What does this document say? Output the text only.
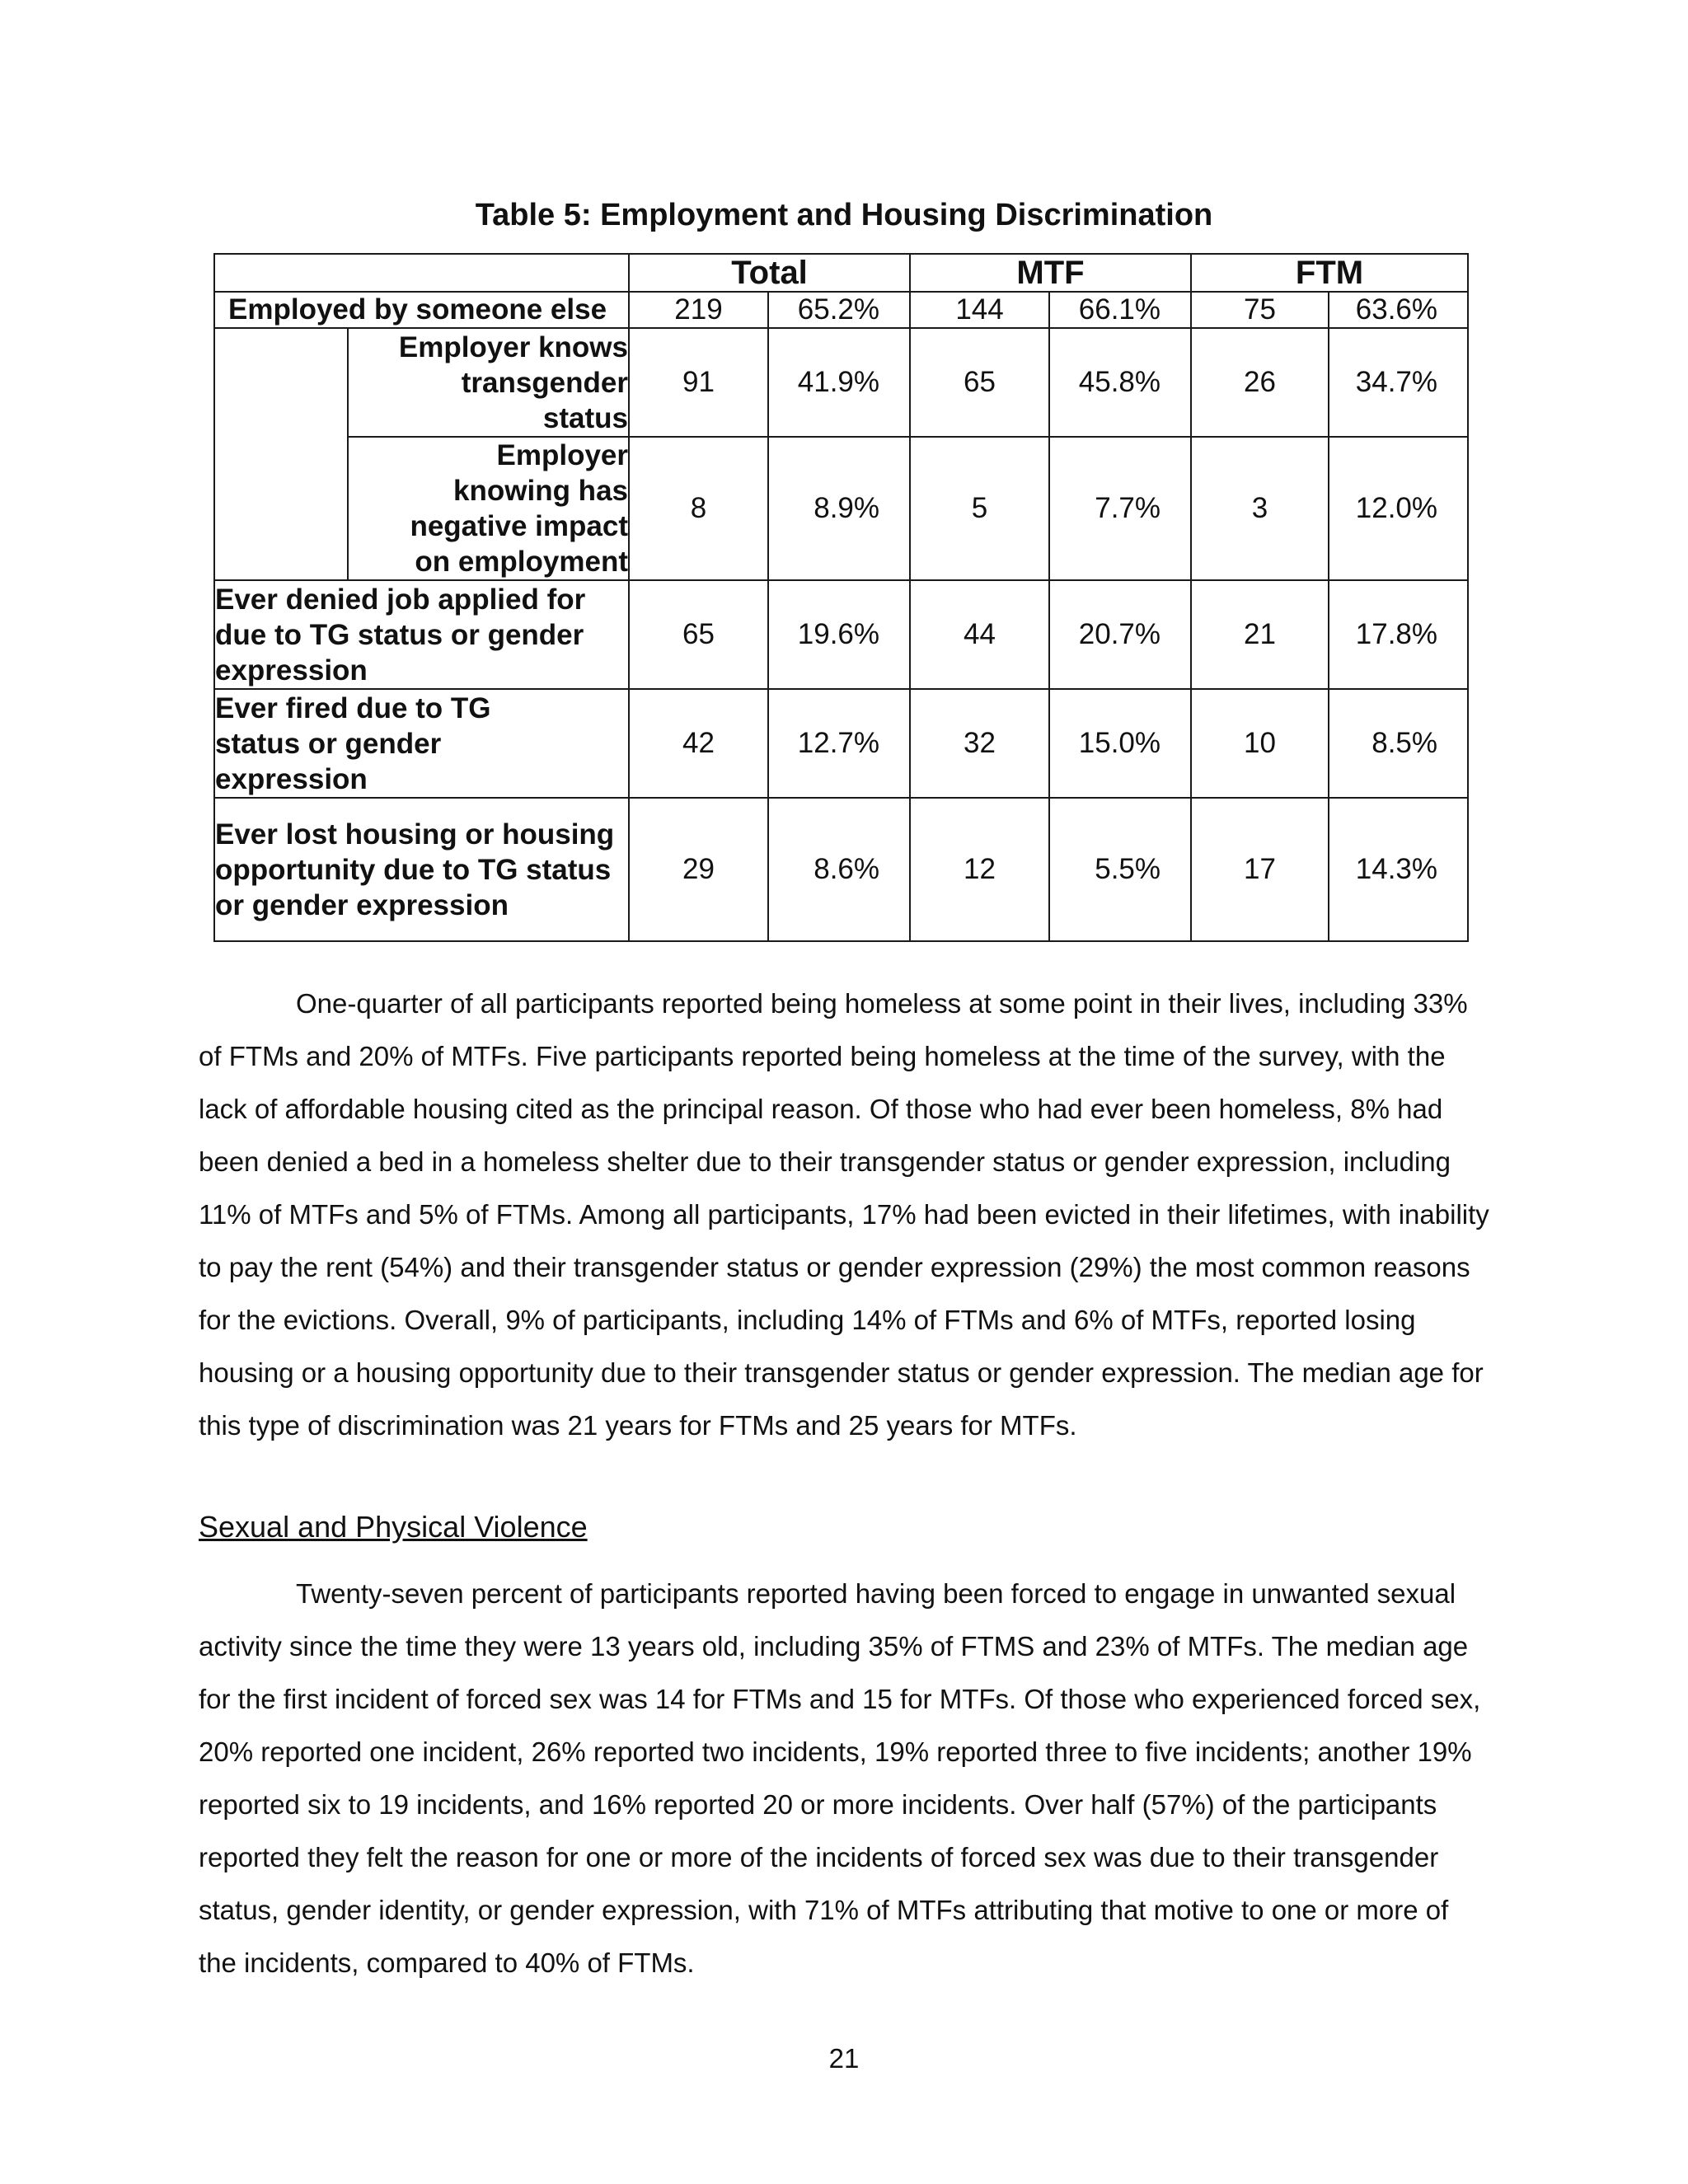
Table 5: Employment and Housing Discrimination
		Total		MTF		FTM	
Employed by someone else		219	65.2%	144	66.1%	75	63.6%
	Employer knows transgender status	91	41.9%	65	45.8%	26	34.7%
	Employer knowing has negative impact on employment	8	8.9%	5	7.7%	3	12.0%
Ever denied job applied for due to TG status or gender expression		65	19.6%	44	20.7%	21	17.8%
Ever fired due to TG status or gender expression		42	12.7%	32	15.0%	10	8.5%
Ever lost housing or housing opportunity due to TG status or gender expression		29	8.6%	12	5.5%	17	14.3%

One-quarter of all participants reported being homeless at some point in their lives, including 33% of FTMs and 20% of MTFs. Five participants reported being homeless at the time of the survey, with the lack of affordable housing cited as the principal reason. Of those who had ever been homeless, 8% had been denied a bed in a homeless shelter due to their transgender status or gender expression, including 11% of MTFs and 5% of FTMs. Among all participants, 17% had been evicted in their lifetimes, with inability to pay the rent (54%) and their transgender status or gender expression (29%) the most common reasons for the evictions. Overall, 9% of participants, including 14% of FTMs and 6% of MTFs, reported losing housing or a housing opportunity due to their transgender status or gender expression. The median age for this type of discrimination was 21 years for FTMs and 25 years for MTFs.

Sexual and Physical Violence

Twenty-seven percent of participants reported having been forced to engage in unwanted sexual activity since the time they were 13 years old, including 35% of FTMS and 23% of MTFs. The median age for the first incident of forced sex was 14 for FTMs and 15 for MTFs. Of those who experienced forced sex, 20% reported one incident, 26% reported two incidents, 19% reported three to five incidents; another 19% reported six to 19 incidents, and 16% reported 20 or more incidents. Over half (57%) of the participants reported they felt the reason for one or more of the incidents of forced sex was due to their transgender status, gender identity, or gender expression, with 71% of MTFs attributing that motive to one or more of the incidents, compared to 40% of FTMs.

21
